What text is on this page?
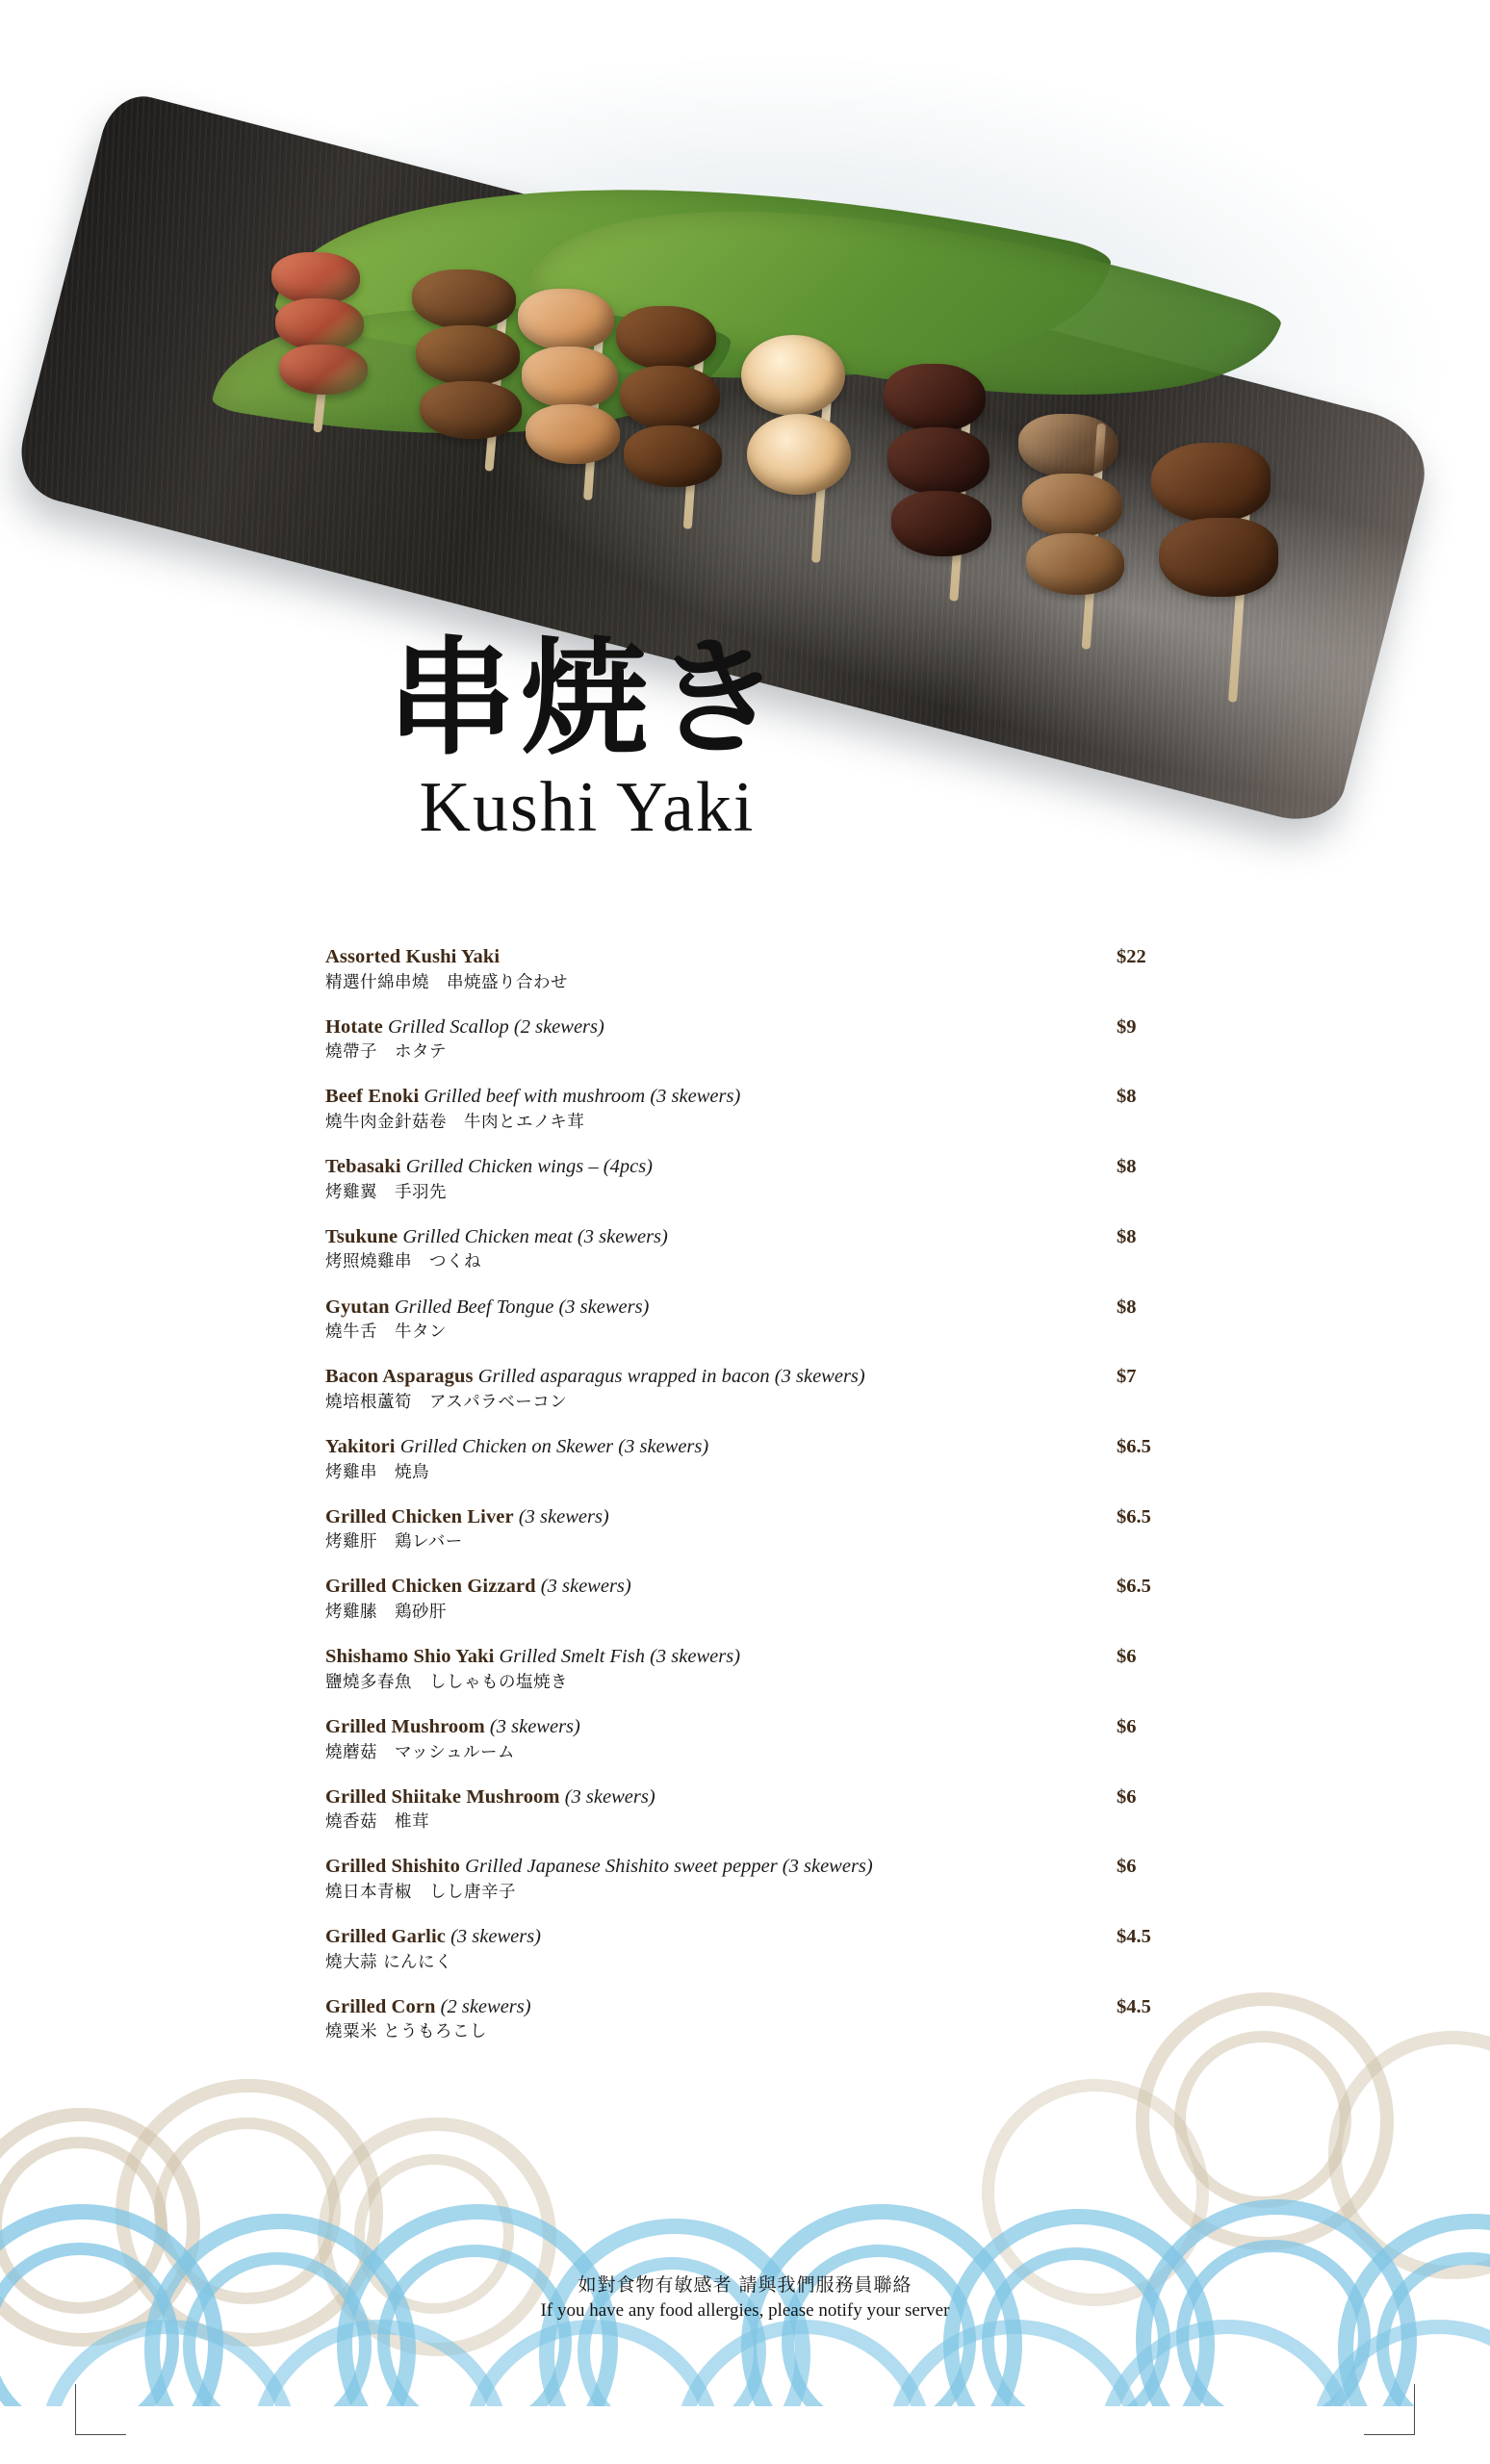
串焼き
Kushi Yaki
Assorted Kushi Yaki	$22
精選什綿串燒　串焼盛り合わせ
Hotate Grilled Scallop (2 skewers)	$9
燒帶子　ホタテ
Beef Enoki Grilled beef with mushroom (3 skewers)	$8
燒牛肉金針菇卷　牛肉とエノキ茸
Tebasaki Grilled Chicken wings – (4pcs)	$8
烤雞翼　手羽先
Tsukune Grilled Chicken meat (3 skewers)	$8
烤照燒雞串　つくね
Gyutan Grilled Beef Tongue (3 skewers)	$8
燒牛舌　牛タン
Bacon Asparagus Grilled asparagus wrapped in bacon (3 skewers)	$7
燒培根蘆筍　アスパラベーコン
Yakitori Grilled Chicken on Skewer (3 skewers)	$6.5
烤雞串　焼鳥
Grilled Chicken Liver (3 skewers)	$6.5
烤雞肝　鶏レバー
Grilled Chicken Gizzard (3 skewers)	$6.5
烤雞膆　鶏砂肝
Shishamo Shio Yaki Grilled Smelt Fish (3 skewers)	$6
鹽燒多春魚　ししゃもの塩焼き
Grilled Mushroom (3 skewers)	$6
燒蘑菇　マッシュルーム
Grilled Shiitake Mushroom (3 skewers)	$6
燒香菇　椎茸
Grilled Shishito Grilled Japanese Shishito sweet pepper (3 skewers)	$6
燒日本青椒　しし唐辛子
Grilled Garlic (3 skewers)	$4.5
燒大蒜 にんにく
Grilled Corn (2 skewers)	$4.5
燒粟米 とうもろこし
如對食物有敏感者 請與我們服務員聯絡
If you have any food allergies, please notify your server
